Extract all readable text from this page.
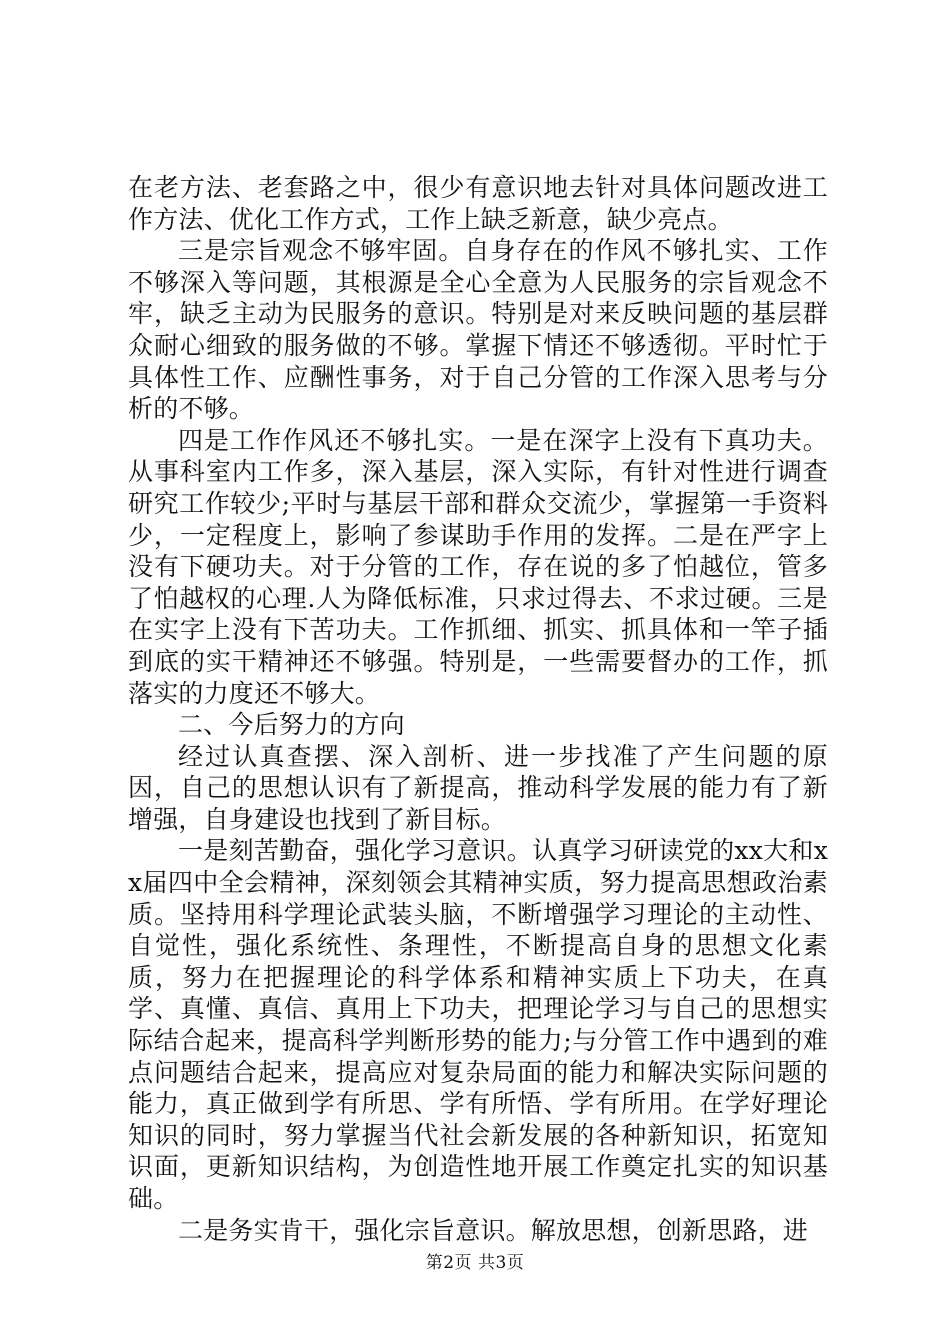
在老方法、老套路之中，很少有意识地去针对具体问题改进工作方法、优化工作方式，工作上缺乏新意，缺少亮点。

三是宗旨观念不够牢固。自身存在的作风不够扎实、工作不够深入等问题，其根源是全心全意为人民服务的宗旨观念不牢，缺乏主动为民服务的意识。特别是对来反映问题的基层群众耐心细致的服务做的不够。掌握下情还不够透彻。平时忙于具体性工作、应酬性事务，对于自己分管的工作深入思考与分析的不够。

四是工作作风还不够扎实。一是在深字上没有下真功夫。从事科室内工作多，深入基层，深入实际，有针对性进行调查研究工作较少;平时与基层干部和群众交流少，掌握第一手资料少，一定程度上，影响了参谋助手作用的发挥。二是在严字上没有下硬功夫。对于分管的工作，存在说的多了怕越位，管多了怕越权的心理.人为降低标准，只求过得去、不求过硬。三是在实字上没有下苦功夫。工作抓细、抓实、抓具体和一竿子插到底的实干精神还不够强。特别是，一些需要督办的工作，抓落实的力度还不够大。

二、今后努力的方向

经过认真查摆、深入剖析、进一步找准了产生问题的原因，自己的思想认识有了新提高，推动科学发展的能力有了新增强，自身建设也找到了新目标。

一是刻苦勤奋，强化学习意识。认真学习研读党的xx大和xx届四中全会精神，深刻领会其精神实质，努力提高思想政治素质。坚持用科学理论武装头脑，不断增强学习理论的主动性、自觉性，强化系统性、条理性，不断提高自身的思想文化素质，努力在把握理论的科学体系和精神实质上下功夫，在真学、真懂、真信、真用上下功夫，把理论学习与自己的思想实际结合起来，提高科学判断形势的能力;与分管工作中遇到的难点问题结合起来，提高应对复杂局面的能力和解决实际问题的能力，真正做到学有所思、学有所悟、学有所用。在学好理论知识的同时，努力掌握当代社会新发展的各种新知识，拓宽知识面，更新知识结构，为创造性地开展工作奠定扎实的知识基础。

二是务实肯干，强化宗旨意识。解放思想，创新思路，进

第2页 共3页
